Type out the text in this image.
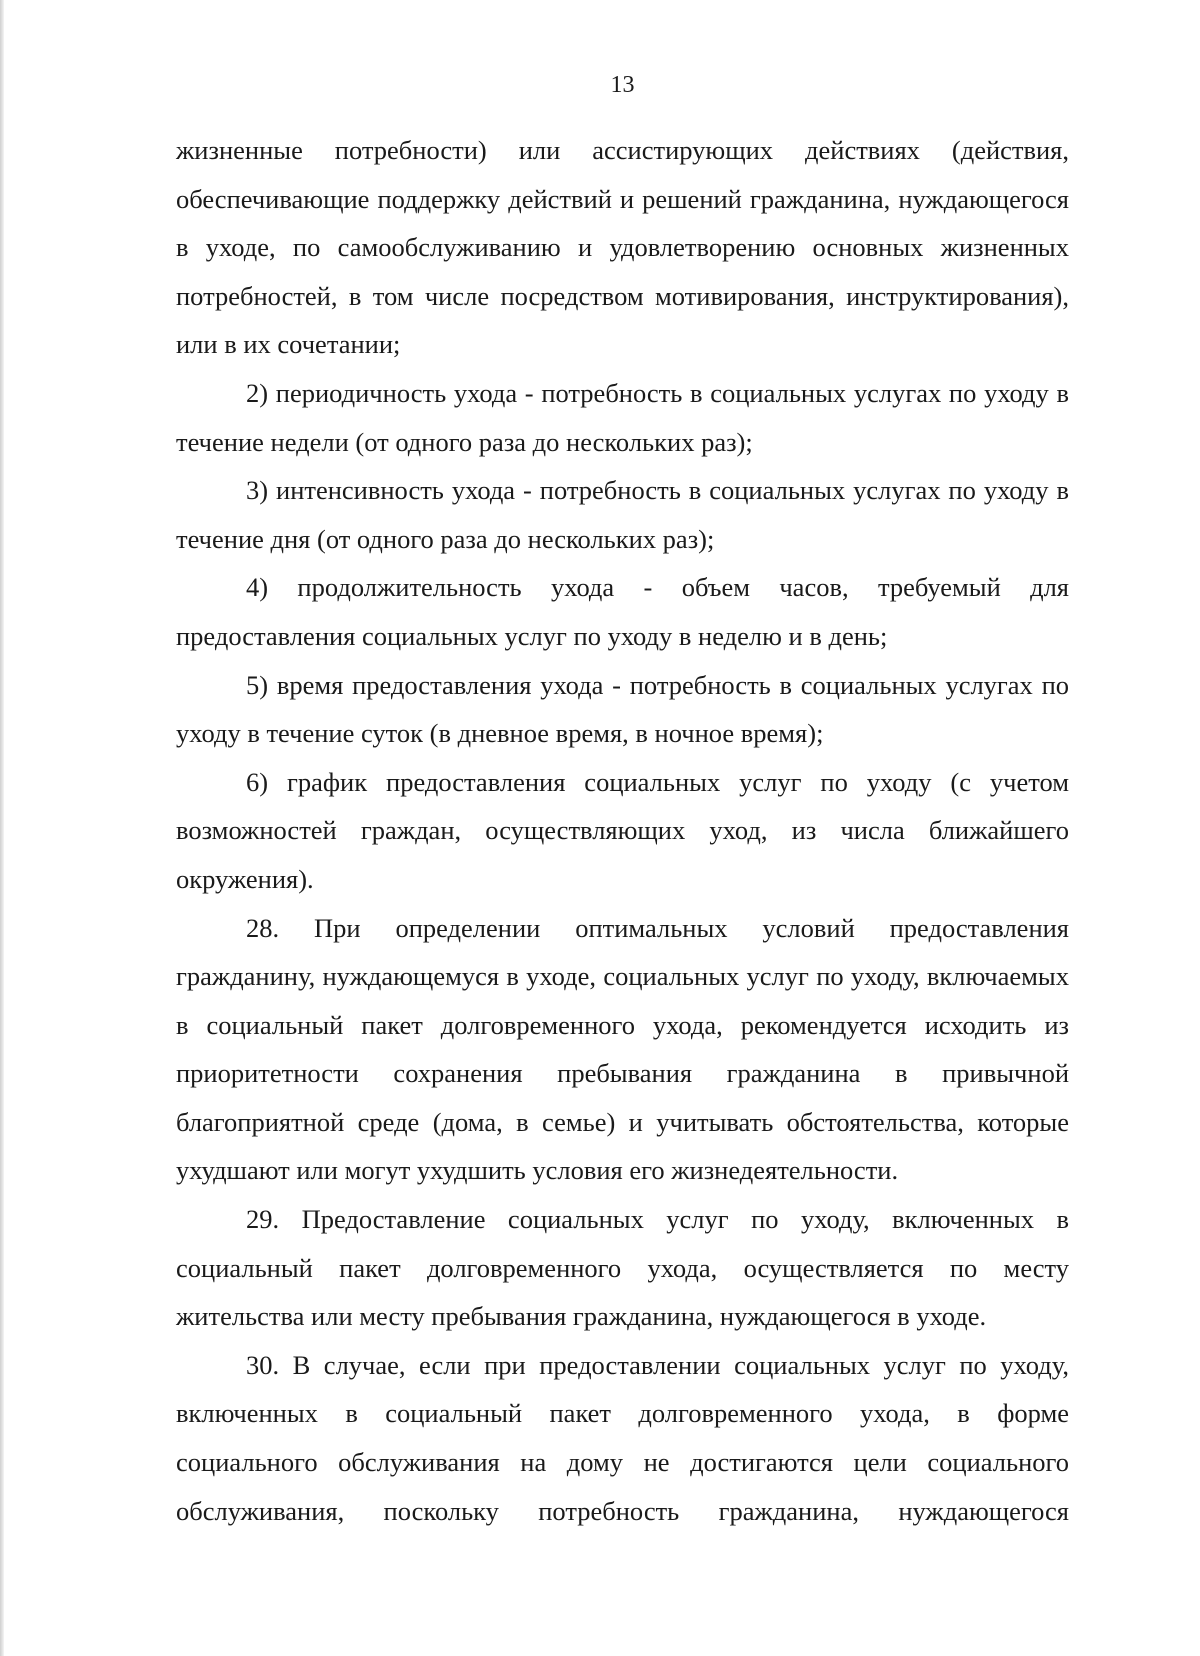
13

жизненные потребности) или ассистирующих действиях (действия, обеспечивающие поддержку действий и решений гражданина, нуждающегося в уходе, по самообслуживанию и удовлетворению основных жизненных потребностей, в том числе посредством мотивирования, инструктирования), или в их сочетании;

2) периодичность ухода - потребность в социальных услугах по уходу в течение недели (от одного раза до нескольких раз);

3) интенсивность ухода - потребность в социальных услугах по уходу в течение дня (от одного раза до нескольких раз);

4) продолжительность ухода - объем часов, требуемый для предоставления социальных услуг по уходу в неделю и в день;

5) время предоставления ухода - потребность в социальных услугах по уходу в течение суток (в дневное время, в ночное время);

6) график предоставления социальных услуг по уходу (с учетом возможностей граждан, осуществляющих уход, из числа ближайшего окружения).

28. При определении оптимальных условий предоставления гражданину, нуждающемуся в уходе, социальных услуг по уходу, включаемых в социальный пакет долговременного ухода, рекомендуется исходить из приоритетности сохранения пребывания гражданина в привычной благоприятной среде (дома, в семье) и учитывать обстоятельства, которые ухудшают или могут ухудшить условия его жизнедеятельности.

29. Предоставление социальных услуг по уходу, включенных в социальный пакет долговременного ухода, осуществляется по месту жительства или месту пребывания гражданина, нуждающегося в уходе.

30. В случае, если при предоставлении социальных услуг по уходу, включенных в социальный пакет долговременного ухода, в форме социального обслуживания на дому не достигаются цели социального обслуживания, поскольку потребность гражданина, нуждающегося
